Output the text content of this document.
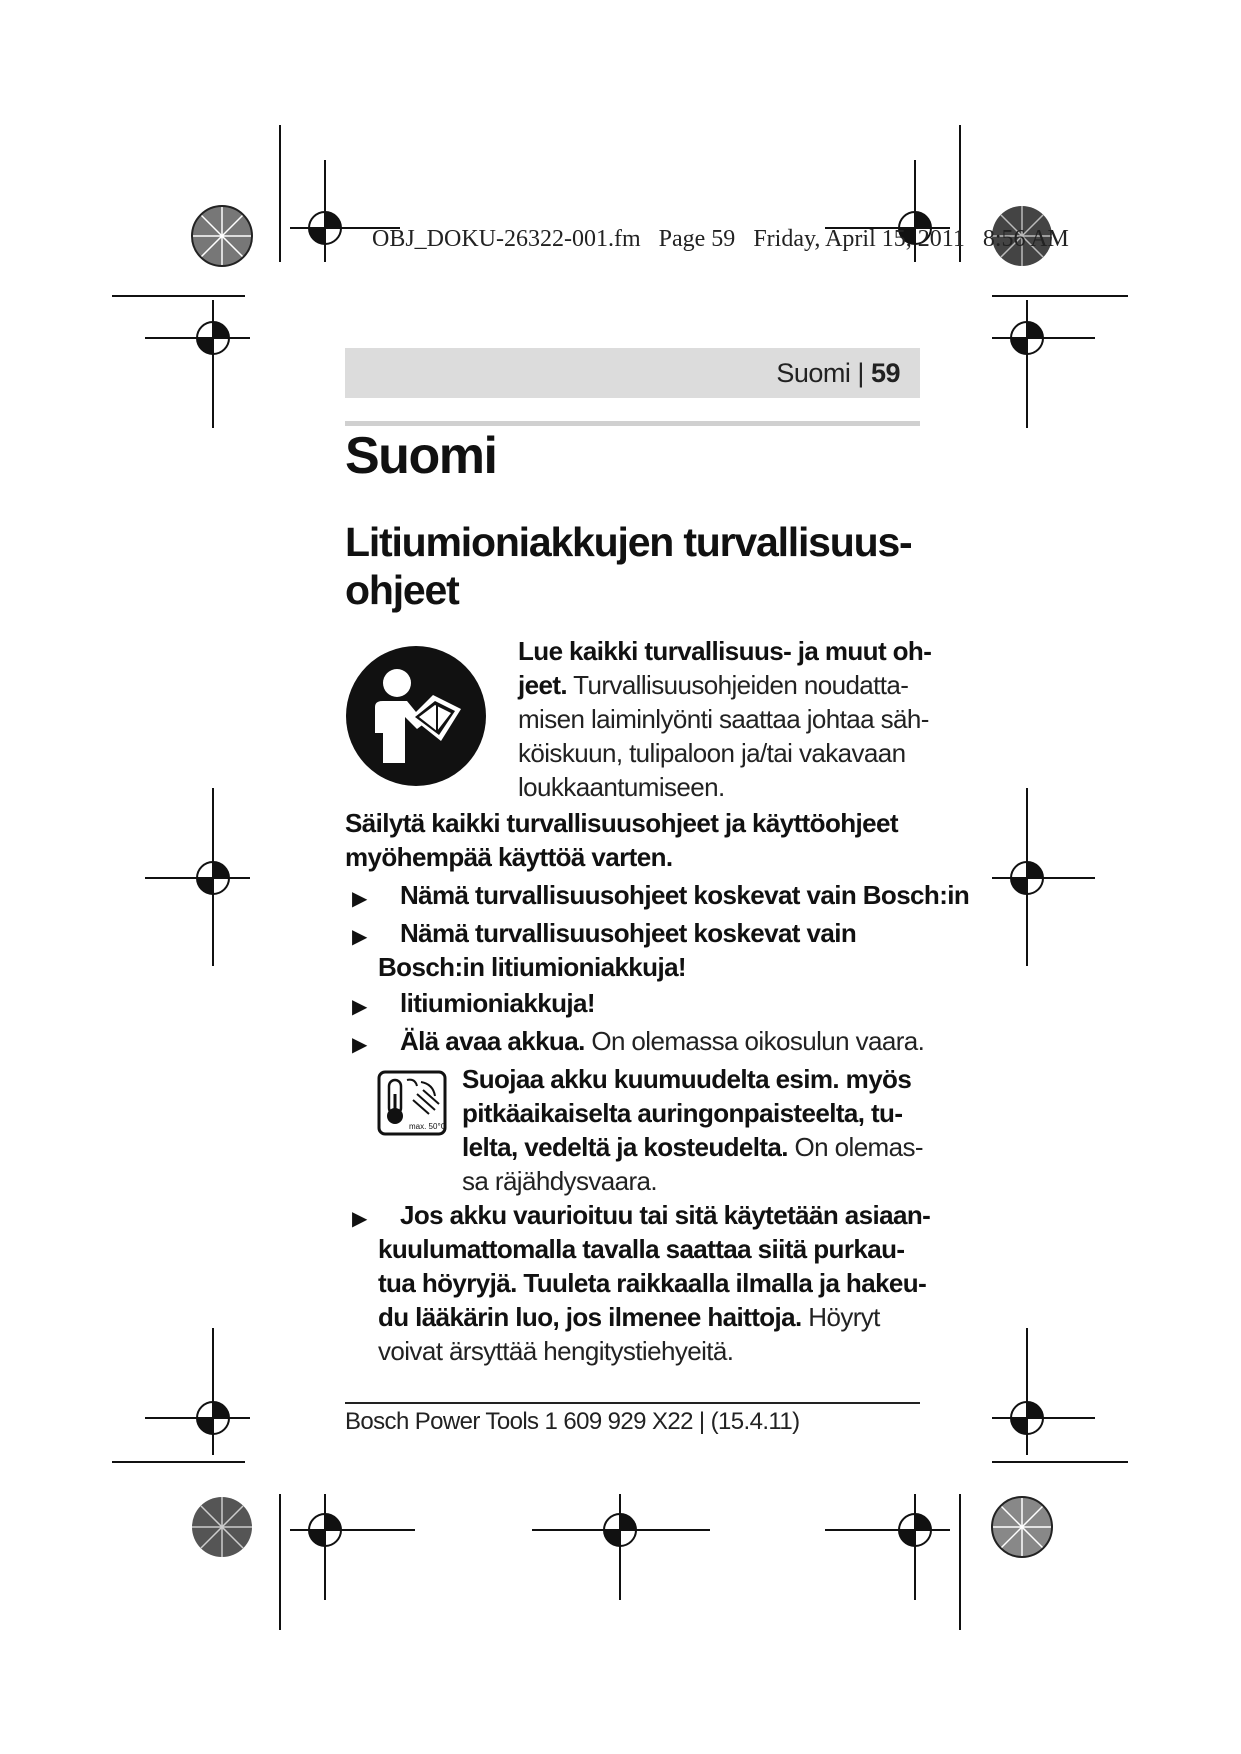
OBJ_DOKU-26322-001.fm Page 59 Friday, April 15, 2011 8:56 AM
Suomi | 59
Suomi
Litiumioniakkujen turvallisuus-
ohjeet
Lue kaikki turvallisuus- ja muut oh-
jeet. Turvallisuusohjeiden noudatta-
misen laiminlyönti saattaa johtaa säh-
köiskuun, tulipaloon ja/tai vakavaan
loukkaantumiseen.
Säilytä kaikki turvallisuusohjeet ja käyttöohjeet
myöhempää käyttöä varten.
▶ Nämä turvallisuusohjeet koskevat vain Bosch:in
▶ Nämä turvallisuusohjeet koskevat vain
Bosch:in litiumioniakkuja!
▶ litiumioniakkuja!
▶ Älä avaa akkua. On olemassa oikosulun vaara.
max. 50°C
Suojaa akku kuumuudelta esim. myös
pitkäaikaiselta auringonpaisteelta, tu-
lelta, vedeltä ja kosteudelta. On olemas-
sa räjähdysvaara.
▶ Jos akku vaurioituu tai sitä käytetään asiaan-
kuulumattomalla tavalla saattaa siitä purkau-
tua höyryjä. Tuuleta raikkaalla ilmalla ja hakeu-
du lääkärin luo, jos ilmenee haittoja. Höyryt
voivat ärsyttää hengitystiehyeitä.
Bosch Power Tools 1 609 929 X22 | (15.4.11)
